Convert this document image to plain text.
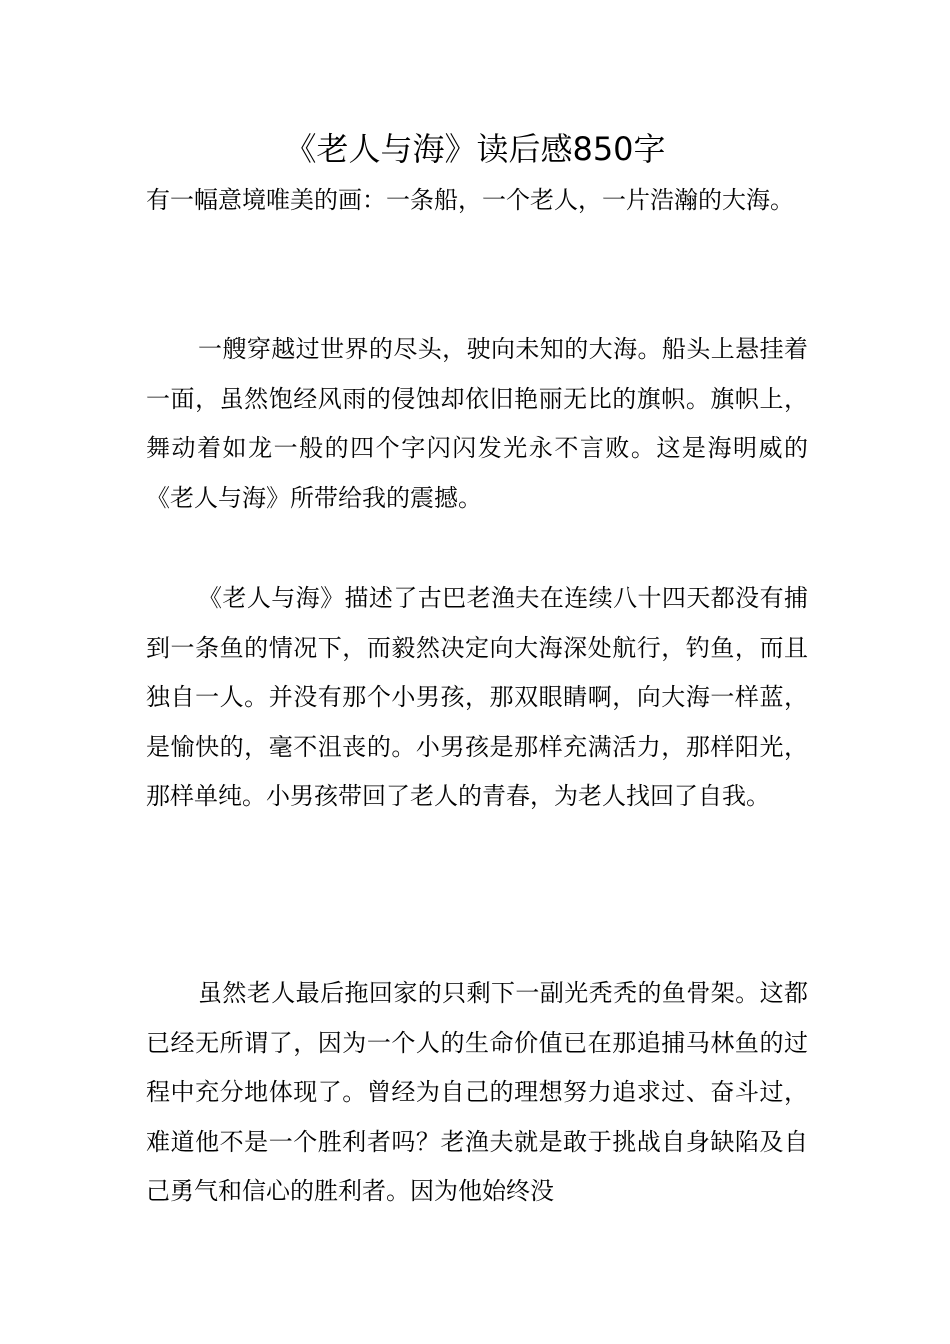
《老人与海》读后感850字

有一幅意境唯美的画：一条船，一个老人，一片浩瀚的大海。

一艘穿越过世界的尽头，驶向未知的大海。船头上悬挂着一面，虽然饱经风雨的侵蚀却依旧艳丽无比的旗帜。旗帜上，舞动着如龙一般的四个字闪闪发光永不言败。这是海明威的《老人与海》所带给我的震撼。

《老人与海》描述了古巴老渔夫在连续八十四天都没有捕到一条鱼的情况下，而毅然决定向大海深处航行，钓鱼，而且独自一人。并没有那个小男孩，那双眼睛啊，向大海一样蓝，是愉快的，毫不沮丧的。小男孩是那样充满活力，那样阳光，那样单纯。小男孩带回了老人的青春，为老人找回了自我。

虽然老人最后拖回家的只剩下一副光秃秃的鱼骨架。这都已经无所谓了，因为一个人的生命价值已在那追捕马林鱼的过程中充分地体现了。曾经为自己的理想努力追求过、奋斗过，难道他不是一个胜利者吗？老渔夫就是敢于挑战自身缺陷及自己勇气和信心的胜利者。因为他始终没
